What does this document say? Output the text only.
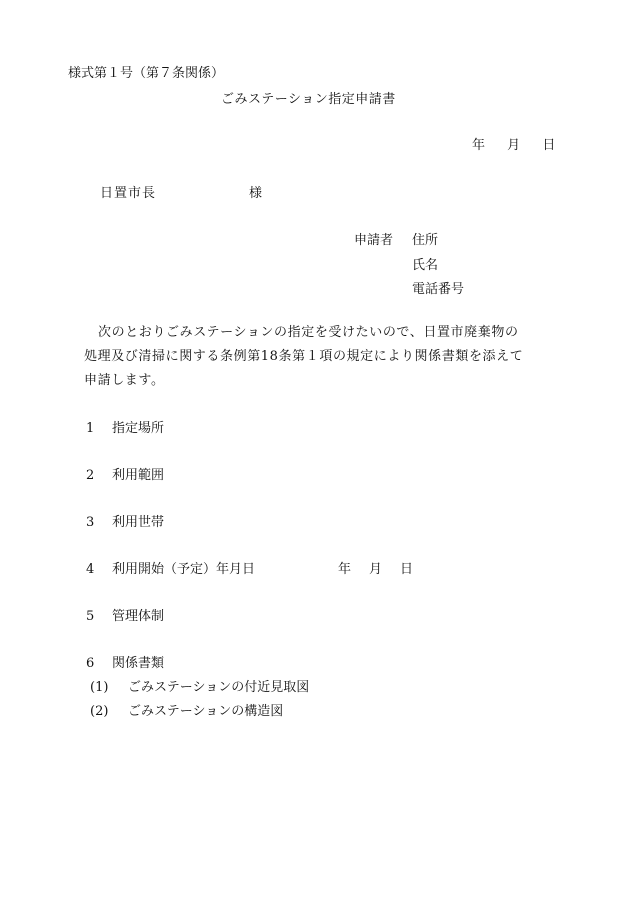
様式第１号（第７条関係）
ごみステーション指定申請書
年 月 日
日置市長	様
申請者 住所
氏名
電話番号

次のとおりごみステーションの指定を受けたいので、日置市廃棄物の

処理及び清掃に関する条例第18条第１項の規定により関係書類を添えて

申請します。

1 指定場所
2 利用範囲
3 利用世帯
4 利用開始（予定）年月日	年 月 日
5 管理体制
6 関係書類
(1) ごみステーションの付近見取図
(2) ごみステーションの構造図
